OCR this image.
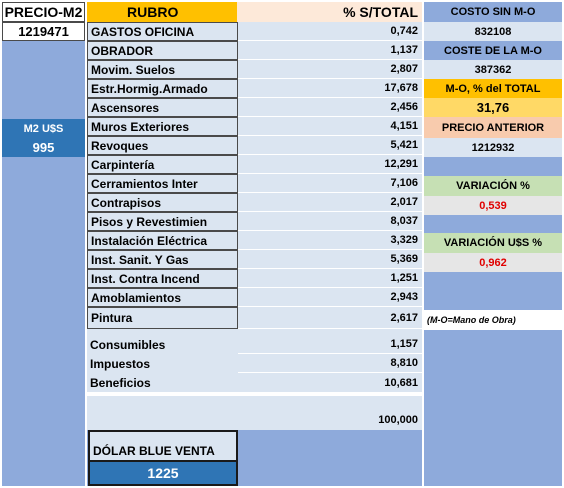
PRECIO-M2
1219471
M2 U$S
995
RUBRO	% S/TOTAL
GASTOS OFICINA	0,742
OBRADOR	1,137
Movim. Suelos	2,807
Estr.Hormig.Armado	17,678
Ascensores	2,456
Muros Exteriores	4,151
Revoques	5,421
Carpintería	12,291
Cerramientos Inter	7,106
Contrapisos	2,017
Pisos y Revestimien	8,037
Instalación Eléctrica	3,329
Inst. Sanit. Y Gas	5,369
Inst. Contra Incend	1,251
Amoblamientos	2,943
Pintura	2,617
Consumibles	1,157
Impuestos	8,810
Beneficios	10,681
100,000
DÓLAR BLUE VENTA
1225
COSTO SIN M-O
832108
COSTE DE LA M-O
387362
M-O, % del TOTAL
31,76
PRECIO ANTERIOR
1212932
VARIACIÓN %
0,539
VARIACIÓN U$S %
0,962
(M-O=Mano de Obra)
